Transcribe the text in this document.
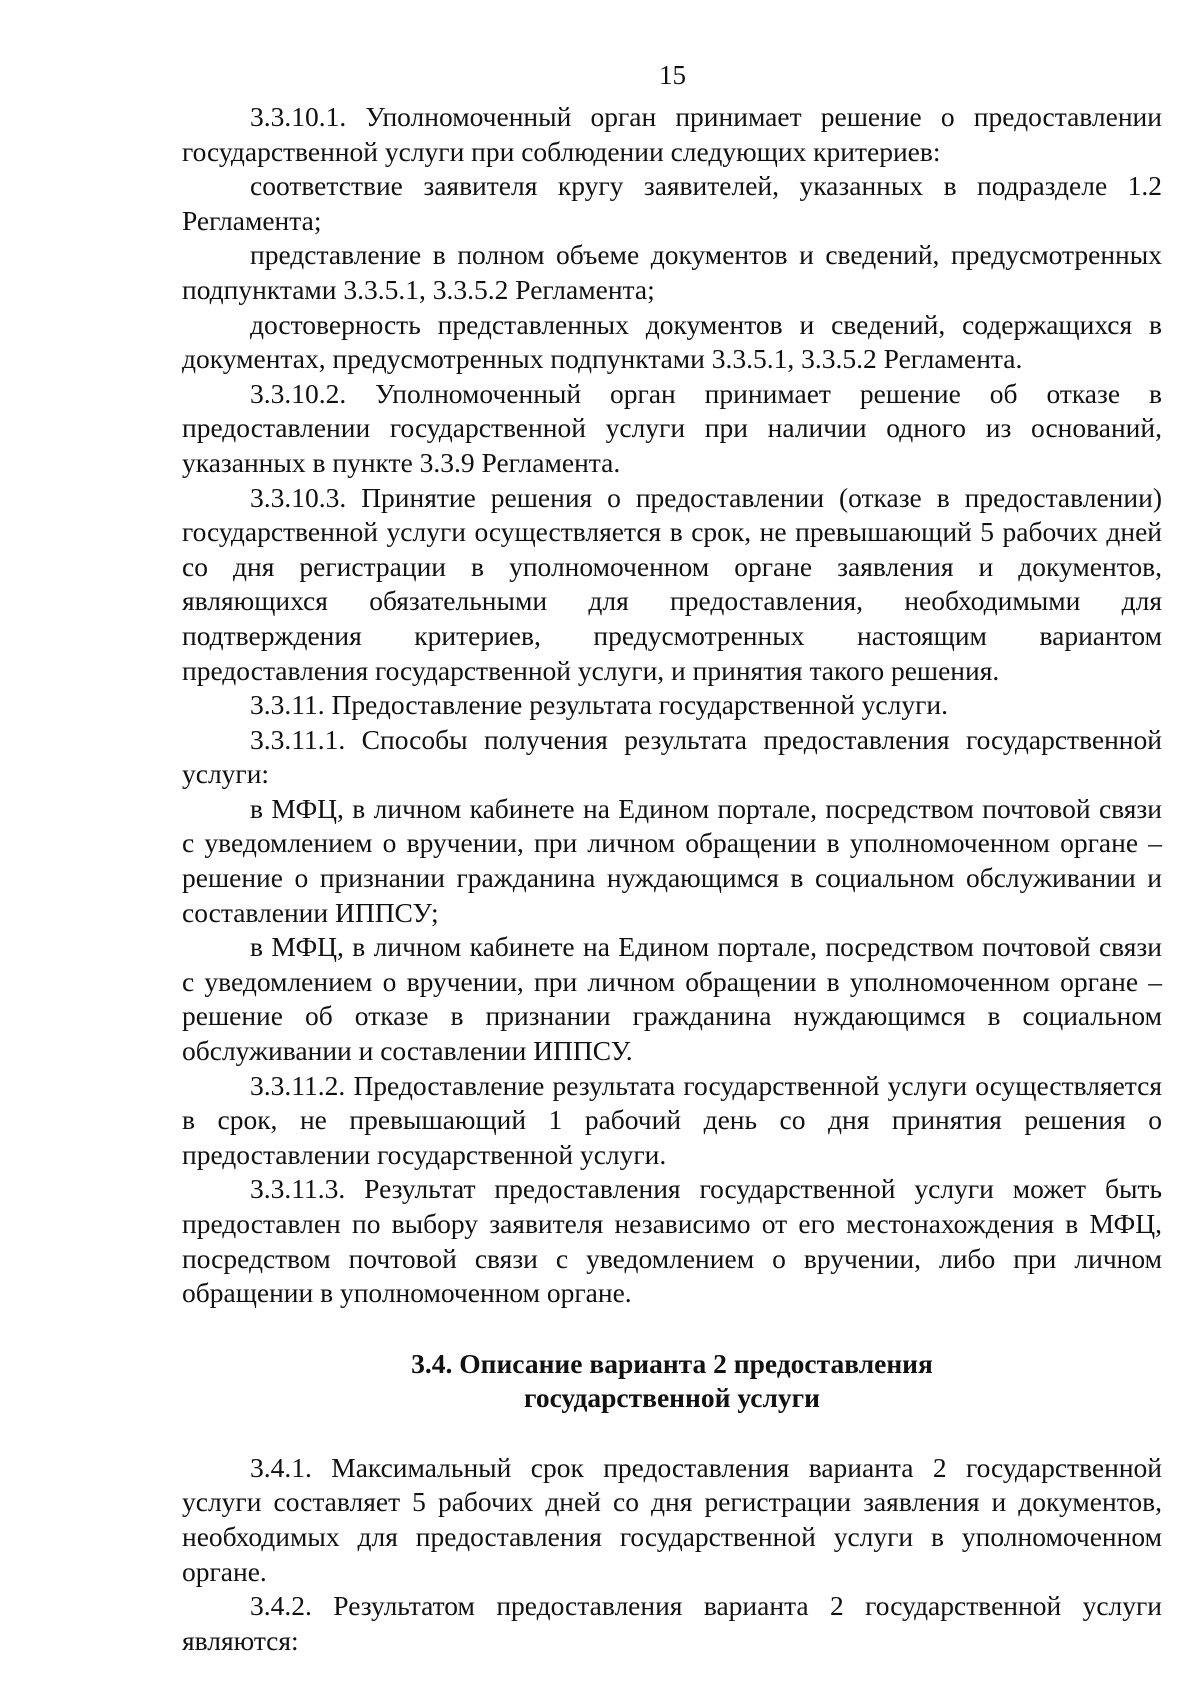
15

3.3.10.1. Уполномоченный орган принимает решение о предоставлении государственной услуги при соблюдении следующих критериев:

соответствие заявителя кругу заявителей, указанных в подразделе 1.2 Регламента;

представление в полном объеме документов и сведений, предусмотренных подпунктами 3.3.5.1, 3.3.5.2 Регламента;

достоверность представленных документов и сведений, содержащихся в документах, предусмотренных подпунктами 3.3.5.1, 3.3.5.2 Регламента.

3.3.10.2. Уполномоченный орган принимает решение об отказе в предоставлении государственной услуги при наличии одного из оснований, указанных в пункте 3.3.9 Регламента.

3.3.10.3. Принятие решения о предоставлении (отказе в предоставлении) государственной услуги осуществляется в срок, не превышающий 5 рабочих дней со дня регистрации в уполномоченном органе заявления и документов, являющихся обязательными для предоставления, необходимыми для подтверждения критериев, предусмотренных настоящим вариантом предоставления государственной услуги, и принятия такого решения.

3.3.11. Предоставление результата государственной услуги.

3.3.11.1. Способы получения результата предоставления государственной услуги:

в МФЦ, в личном кабинете на Едином портале, посредством почтовой связи с уведомлением о вручении, при личном обращении в уполномоченном органе – решение о признании гражданина нуждающимся в социальном обслуживании и составлении ИППСУ;

в МФЦ, в личном кабинете на Едином портале, посредством почтовой связи с уведомлением о вручении, при личном обращении в уполномоченном органе – решение об отказе в признании гражданина нуждающимся в социальном обслуживании и составлении ИППСУ.

3.3.11.2. Предоставление результата государственной услуги осуществляется в срок, не превышающий 1 рабочий день со дня принятия решения о предоставлении государственной услуги.

3.3.11.3. Результат предоставления государственной услуги может быть предоставлен по выбору заявителя независимо от его местонахождения в МФЦ, посредством почтовой связи с уведомлением о вручении, либо при личном обращении в уполномоченном органе.

3.4. Описание варианта 2 предоставления
государственной услуги

3.4.1. Максимальный срок предоставления варианта 2 государственной услуги составляет 5 рабочих дней со дня регистрации заявления и документов, необходимых для предоставления государственной услуги в уполномоченном органе.

3.4.2. Результатом предоставления варианта 2 государственной услуги являются:
